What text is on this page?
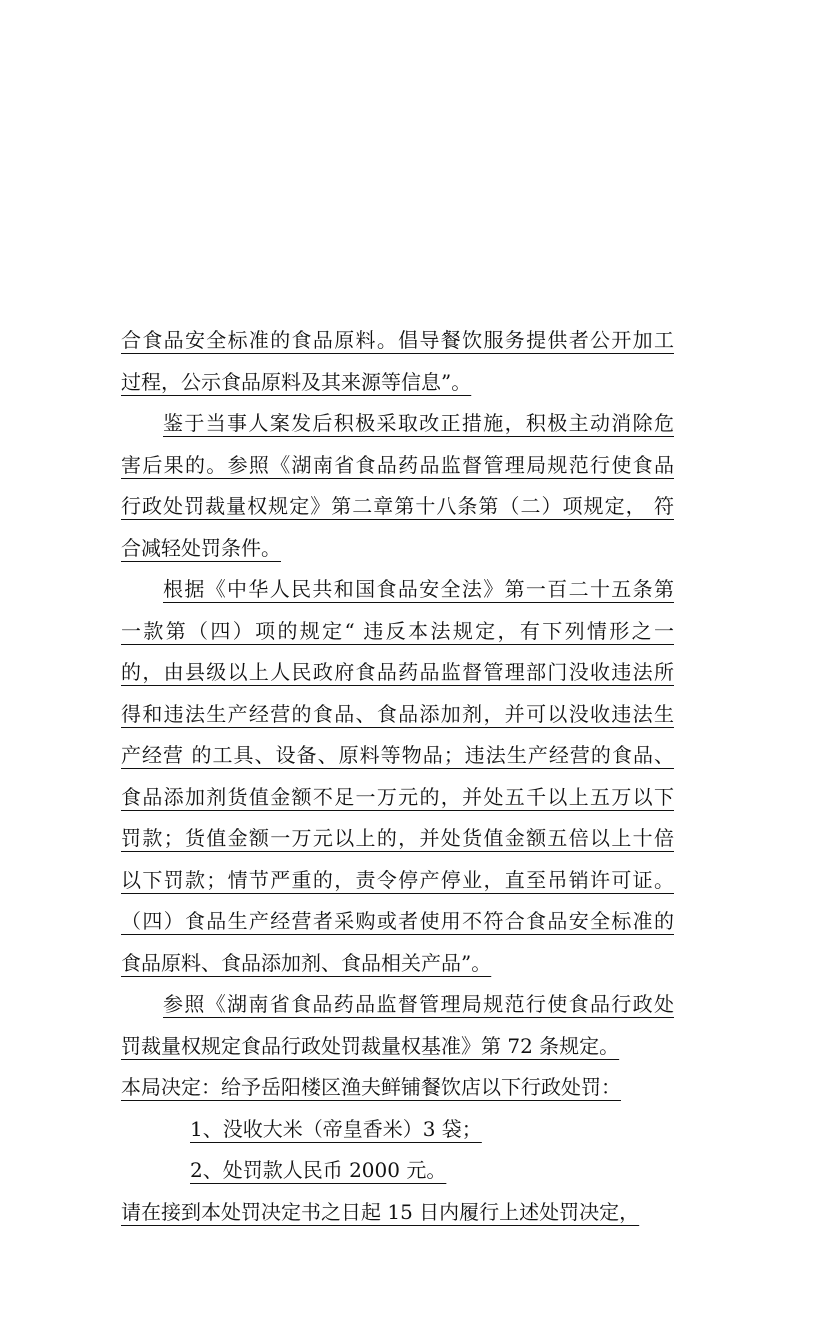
合食品安全标准的食品原料。倡导餐饮服务提供者公开加工
过程，公示食品原料及其来源等信息”。
鉴于当事人案发后积极采取改正措施，积极主动消除危
害后果的。参照《湖南省食品药品监督管理局规范行使食品
行政处罚裁量权规定》第二章第十八条第（二）项规定， 符
合减轻处罚条件。
根据《中华人民共和国食品安全法》第一百二十五条第
一款第（四）项的规定“ 违反本法规定，有下列情形之一
的，由县级以上人民政府食品药品监督管理部门没收违法所
得和违法生产经营的食品、食品添加剂，并可以没收违法生
产经营 的工具、设备、原料等物品；违法生产经营的食品、
食品添加剂货值金额不足一万元的，并处五千以上五万以下
罚款；货值金额一万元以上的，并处货值金额五倍以上十倍
以下罚款；情节严重的，责令停产停业，直至吊销许可证。
（四）食品生产经营者采购或者使用不符合食品安全标准的
食品原料、食品添加剂、食品相关产品”。
参照《湖南省食品药品监督管理局规范行使食品行政处
罚裁量权规定食品行政处罚裁量权基准》第 72 条规定。
本局决定：给予岳阳楼区渔夫鲜铺餐饮店以下行政处罚：
1、没收大米（帝皇香米）3 袋；
2、处罚款人民币 2000 元。
请在接到本处罚决定书之日起 15 日内履行上述处罚决定，
